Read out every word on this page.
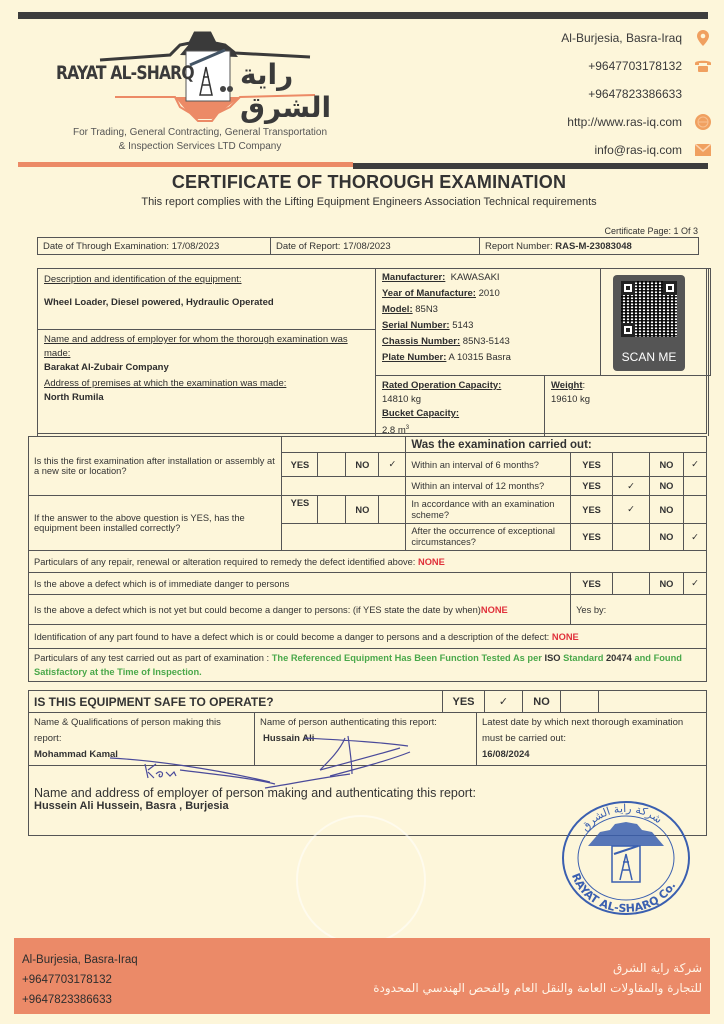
RAYAT AL-SHARQ راية الشرق
For Trading, General Contracting, General Transportation
& Inspection Services LTD Company
Al-Burjesia, Basra-Iraq
+9647703178132
+9647823386633
http://www.ras-iq.com
info@ras-iq.com
CERTIFICATE OF THOROUGH EXAMINATION
This report complies with the Lifting Equipment Engineers Association Technical requirements
Certificate Page: 1 Of 3
Date of Through Examination: 17/08/2023	Date of Report: 17/08/2023	Report Number: RAS-M-23083048
Description and identification of the equipment:
Wheel Loader, Diesel powered, Hydraulic Operated
Name and address of employer for whom the thorough examination was made:
Barakat Al-Zubair Company
Address of premises at which the examination was made:
North Rumila
Manufacturer: KAWASAKI
Year of Manufacture: 2010
Model: 85N3
Serial Number: 5143
Chassis Number: 85N3-5143
Plate Number: A 10315 Basra	SCAN ME
Rated Operation Capacity:
14810 kg
Bucket Capacity:
2.8 $m^3$
Weight:
19610 kg
Is this the first examination after installation or assembly at a new site or location?					Was the examination carried out:				
	YES		NO	✓	Within an interval of 6 months?	YES		NO	✓
					Within an interval of 12 months?	YES	✓	NO	
If the answer to the above question is YES, has the equipment been installed correctly?	YES		NO		In accordance with an examination scheme?	YES	✓	NO	
					After the occurrence of exceptional circumstances?	YES		NO	✓
Particulars of any repair, renewal or alteration required to remedy the defect identified above: NONE									
Is the above a defect which is of immediate danger to persons						YES		NO	✓
Is the above a defect which is not yet but could become a danger to persons: (if YES state the date by when)NONE						Yes by:			
Identification of any part found to have a defect which is or could become a danger to persons and a description of the defect: NONE									
Particulars of any test carried out as part of examination : The Referenced Equipment Has Been Function Tested As per ISO Standard 20474 and Found Satisfactory at the Time of Inspection.									
IS THIS EQUIPMENT SAFE TO OPERATE?	YES	✓	NO		
Name & Qualifications of person making this report:
Mohammad Kamal	
Name of person authenticating this report:
Hussain Ali	
Latest date by which next thorough examination must be carried out:
16/08/2024

Name and address of employer of person making and authenticating this report:
Hussein Ali Hussein, Basra , Burjesia
شركة راية الشرق
RAYAT AL-SHARQ Co.
Al-Burjesia, Basra-Iraq
+9647703178132
+9647823386633
شركة راية الشرق
للتجارة والمقاولات العامة والنقل العام والفحص الهندسي المحدودة
